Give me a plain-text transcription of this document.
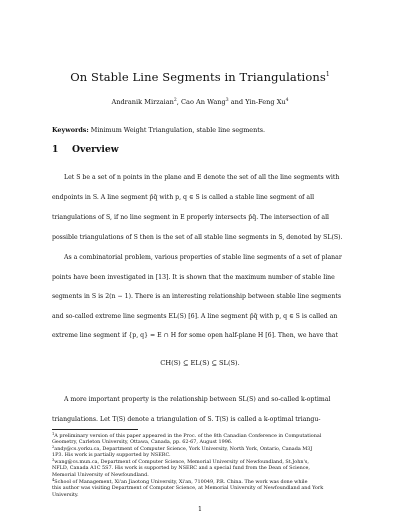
On Stable Line Segments in Triangulations$^1$
Andranik Mirzaian$^2$, Cao An Wang$^3$ and Yin-Feng Xu$^4$
Keywords: Minimum Weight Triangulation, stable line segments.
1 Overview
Let S be a set of n points in the plane and E denote the set of all the line segments with
endpoints in S. A line segment p̄q̄ with p, q ∈ S is called a stable line segment of all
triangulations of S, if no line segment in E properly intersects p̄q̄. The intersection of all
possible triangulations of S then is the set of all stable line segments in S, denoted by SL(S).
As a combinatorial problem, various properties of stable line segments of a set of planar
points have been investigated in [13]. It is shown that the maximum number of stable line
segments in S is 2(n − 1). There is an interesting relationship between stable line segments
and so-called extreme line segments EL(S) [6]. A line segment p̄q̄ with p, q ∈ S is called an
extreme line segment if {p, q} = E ∩ H for some open half-plane H [6]. Then, we have that
CH(S) ⊆ EL(S) ⊆ SL(S).
A more important property is the relationship between SL(S) and so-called k-optimal
triangulations. Let T(S) denote a triangulation of S. T(S) is called a k-optimal triangu-
$^1$A preliminary version of this paper appeared in the Proc. of the 8th Canadian Conference in Computational
Geometry, Carleton University, Ottawa, Canada, pp. 62-67, August 1996.
$^2$andy@cs.yorku.ca, Department of Computer Science, York University, North York, Ontario, Canada M3J
1P3. His work is partially supported by NSERC.
$^3$wang@cs.mun.ca, Department of Computer Science, Memorial University of Newfoundland, St.John's,
NFLD, Canada A1C 5S7. His work is supported by NSERC and a special fund from the Dean of Science,
Memorial University of Newfoundland.
$^4$School of Management, Xi'an Jiaotong University, Xi'an, 710049, P.R. China. The work was done while
this author was visiting Department of Computer Science, at Memorial University of Newfoundland and York
University.
1
